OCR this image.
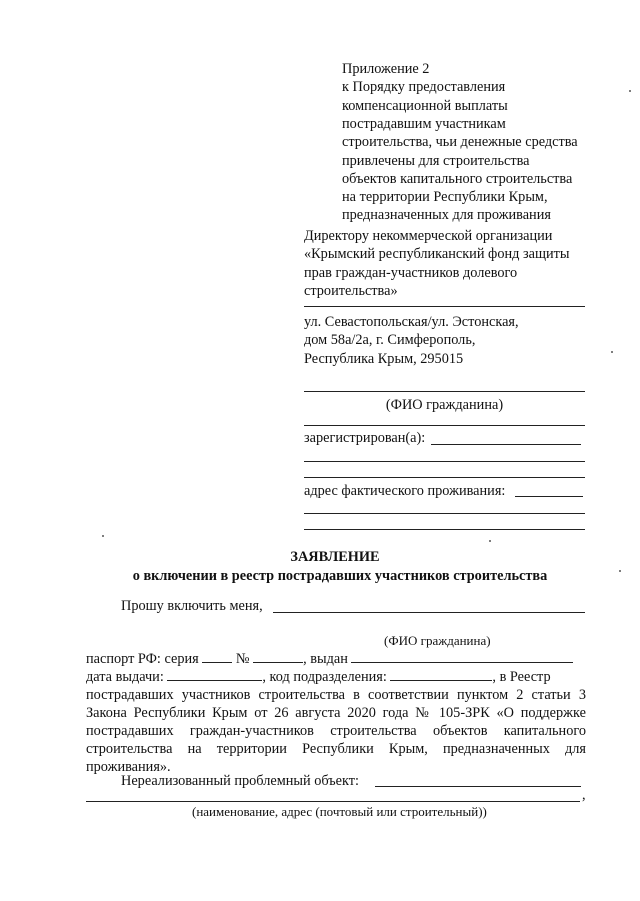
Приложение 2
к Порядку предоставления
компенсационной выплаты
пострадавшим участникам
строительства, чьи денежные средства
привлечены для строительства
объектов капитального строительства
на территории Республики Крым,
предназначенных для проживания
Директору некоммерческой организации
«Крымский республиканский фонд защиты
прав граждан-участников долевого
строительства»
ул. Севастопольская/ул. Эстонская,
дом 58а/2а, г. Симферополь,
Республика Крым, 295015
(ФИО гражданина)
зарегистрирован(а):
адрес фактического проживания:
ЗАЯВЛЕНИЕ
о включении в реестр пострадавших участников строительства
Прошу включить меня,
(ФИО гражданина)
паспорт РФ: серия	№	, выдан
дата выдачи:	, код подразделения:	, в Реестр
пострадавших участников строительства в соответствии пунктом 2 статьи 3
Закона Республики Крым от 26 августа 2020 года № 105-ЗРК «О поддержке
пострадавших граждан-участников строительства объектов капитального
строительства на территории Республики Крым, предназначенных для
проживания».
Нереализованный проблемный объект:
,
(наименование, адрес (почтовый или строительный))
